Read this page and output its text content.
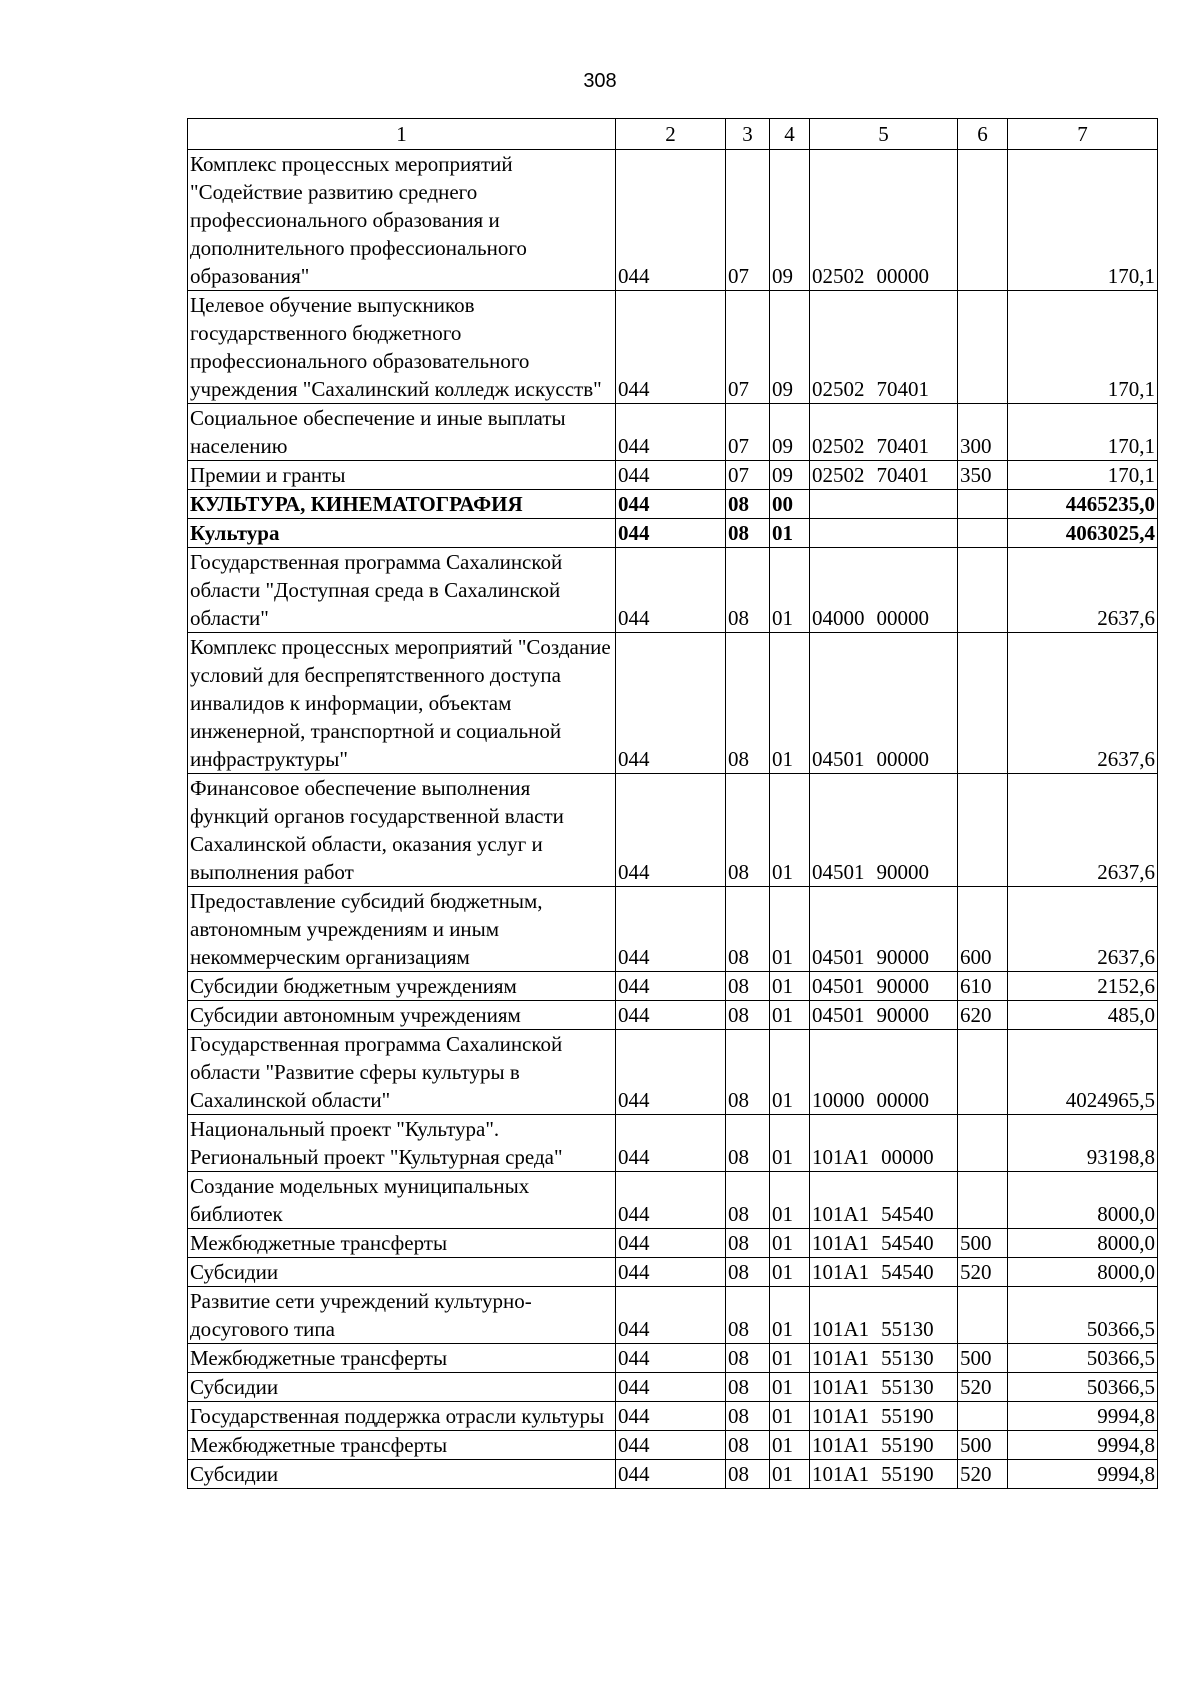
308
1	2	3	4	5	6	7
Комплекс процессных мероприятий "Содействие развитию среднего профессионального образования и дополнительного профессионального образования"	044	07	09	02502 00000		170,1
Целевое обучение выпускников государственного бюджетного профессионального образовательного учреждения "Сахалинский колледж искусств"	044	07	09	02502 70401		170,1
Социальное обеспечение и иные выплаты населению	044	07	09	02502 70401	300	170,1
Премии и гранты	044	07	09	02502 70401	350	170,1
КУЛЬТУРА, КИНЕМАТОГРАФИЯ	044	08	00			4465235,0
Культура	044	08	01			4063025,4
Государственная программа Сахалинской области "Доступная среда в Сахалинской области"	044	08	01	04000 00000		2637,6
Комплекс процессных мероприятий "Создание условий для беспрепятственного доступа инвалидов к информации, объектам инженерной, транспортной и социальной инфраструктуры"	044	08	01	04501 00000		2637,6
Финансовое обеспечение выполнения функций органов государственной власти Сахалинской области, оказания услуг и выполнения работ	044	08	01	04501 90000		2637,6
Предоставление субсидий бюджетным, автономным учреждениям и иным некоммерческим организациям	044	08	01	04501 90000	600	2637,6
Субсидии бюджетным учреждениям	044	08	01	04501 90000	610	2152,6
Субсидии автономным учреждениям	044	08	01	04501 90000	620	485,0
Государственная программа Сахалинской области "Развитие сферы культуры в Сахалинской области"	044	08	01	10000 00000		4024965,5
Национальный проект "Культура". Региональный проект "Культурная среда"	044	08	01	101А1 00000		93198,8
Создание модельных муниципальных библиотек	044	08	01	101А1 54540		8000,0
Межбюджетные трансферты	044	08	01	101А1 54540	500	8000,0
Субсидии	044	08	01	101А1 54540	520	8000,0
Развитие сети учреждений культурно-досугового типа	044	08	01	101А1 55130		50366,5
Межбюджетные трансферты	044	08	01	101А1 55130	500	50366,5
Субсидии	044	08	01	101А1 55130	520	50366,5
Государственная поддержка отрасли культуры	044	08	01	101А1 55190		9994,8
Межбюджетные трансферты	044	08	01	101А1 55190	500	9994,8
Субсидии	044	08	01	101А1 55190	520	9994,8
